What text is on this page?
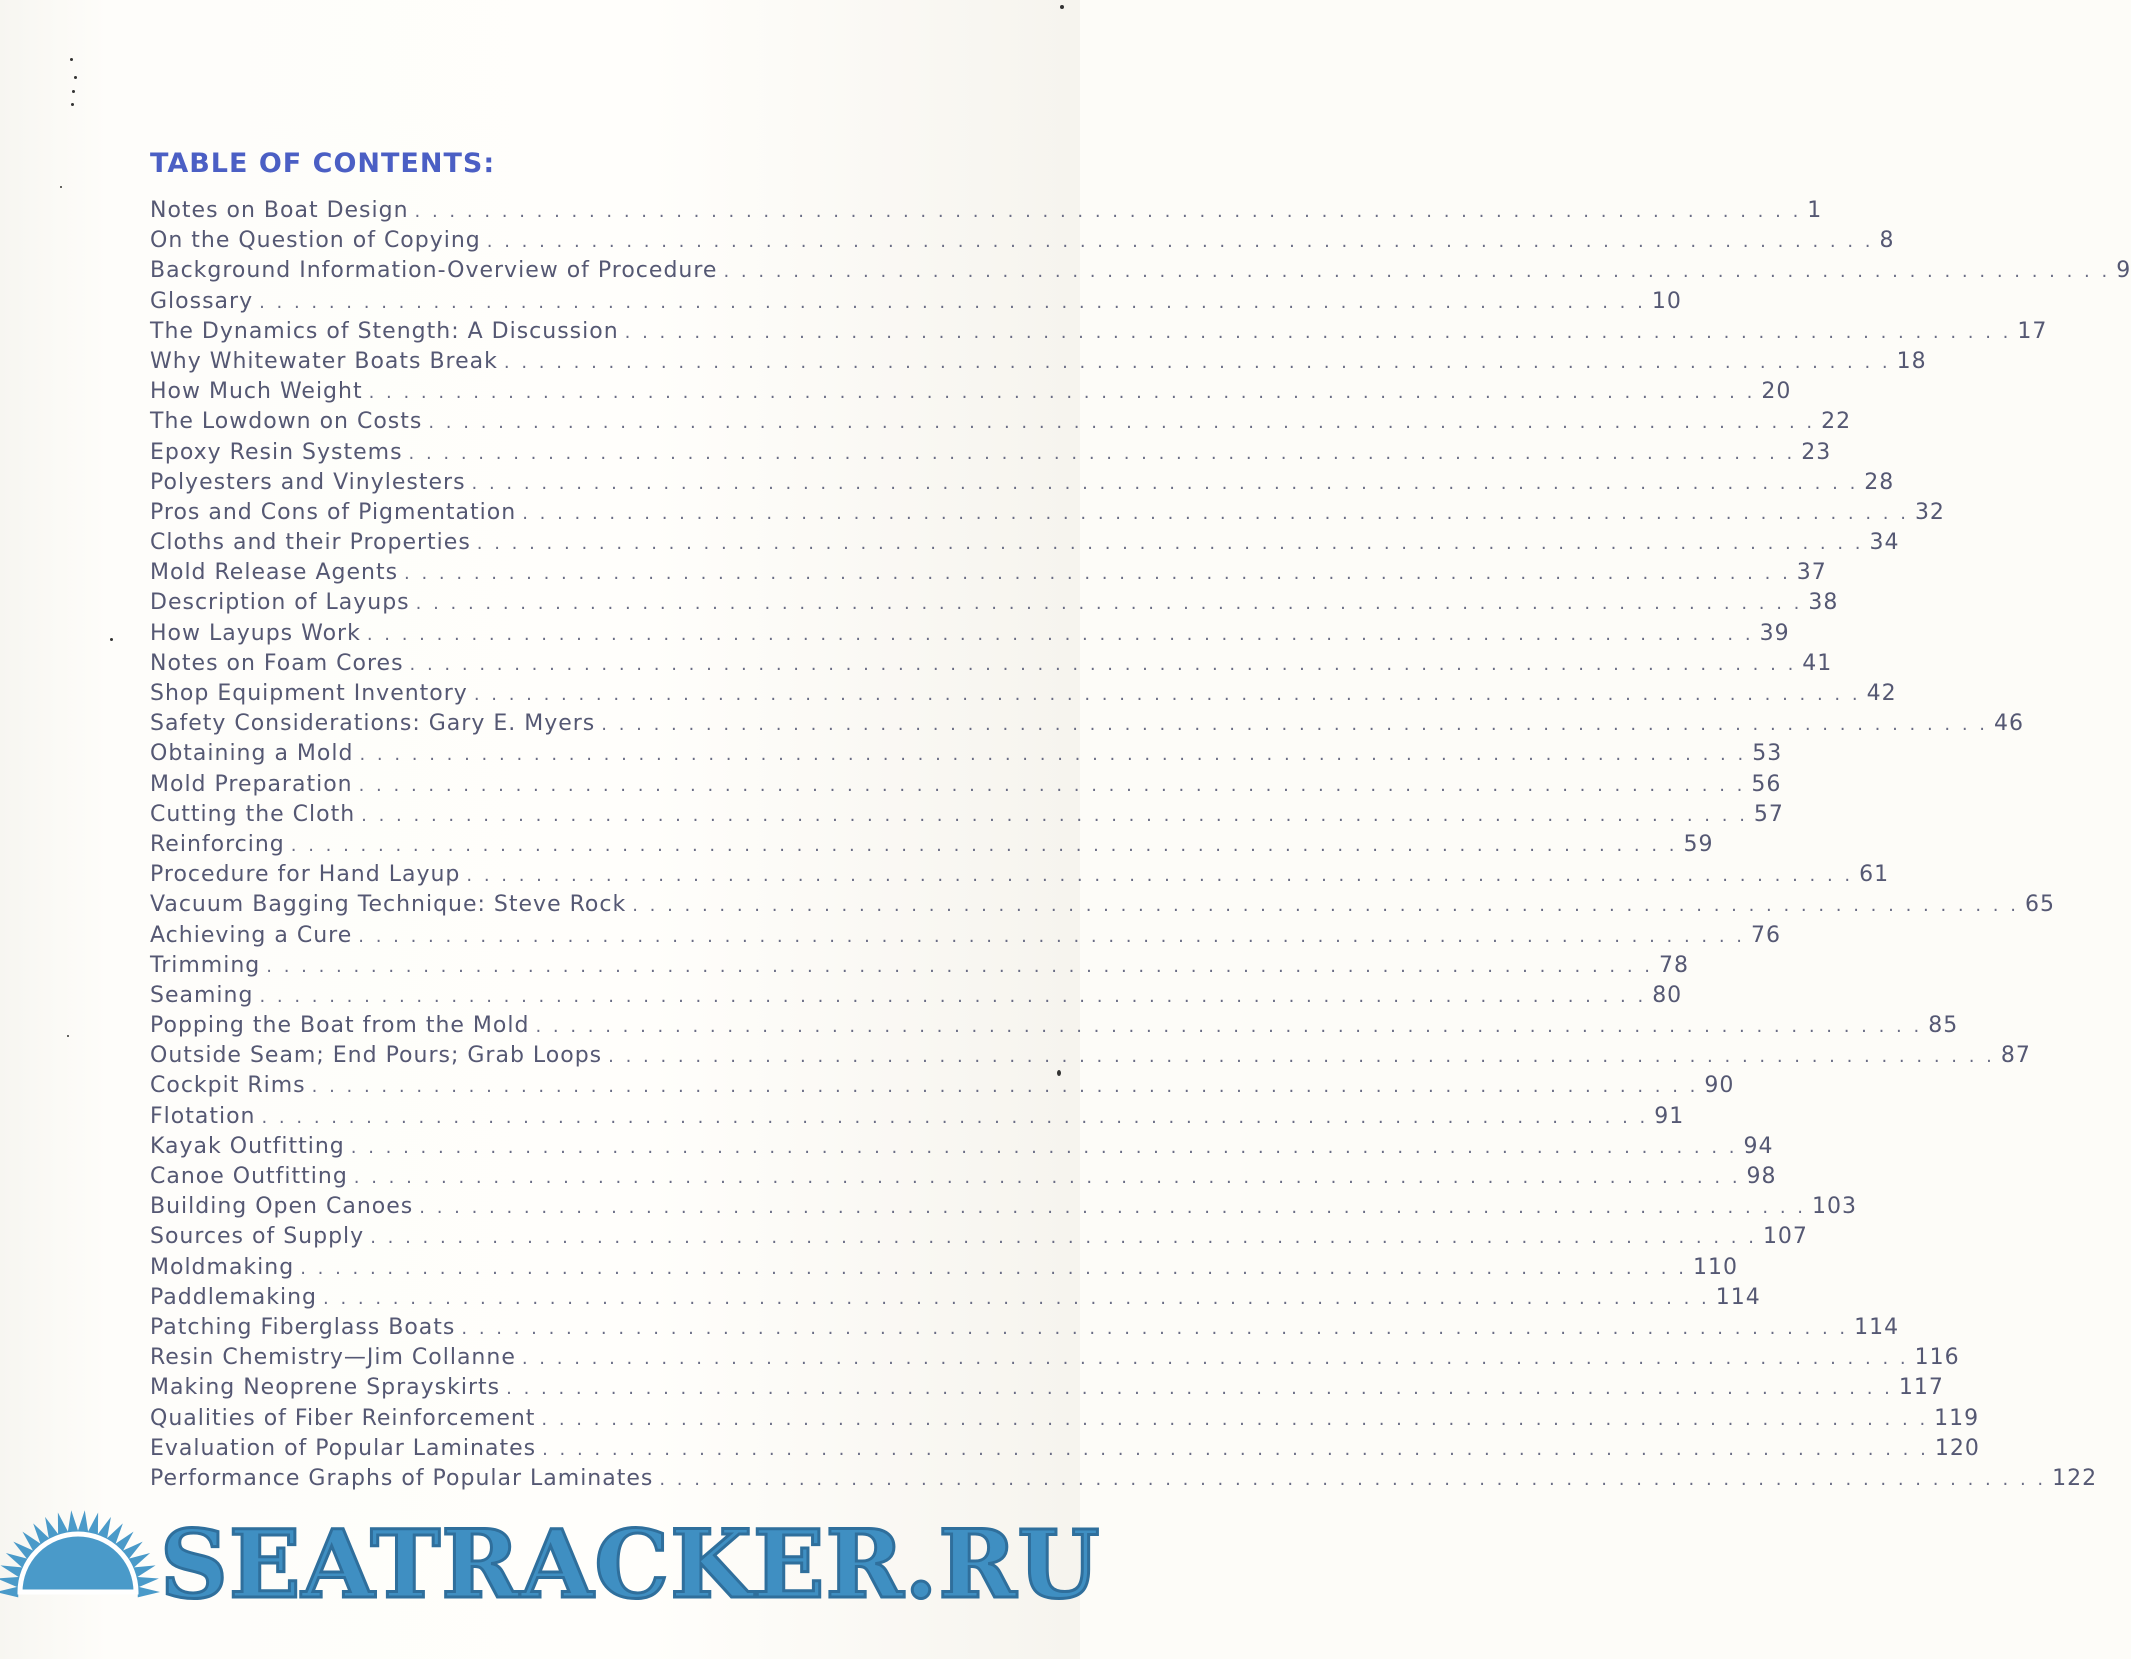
TABLE OF CONTENTS:
Notes on Boat Design . . . . . . . . . . . . . . . . . . . . . . . . . . . . . . . . . . . . . . . . . . . . . . . . . . . . . . . . . . . . . . . . . . . . . . . . . . . . . . . . 1
On the Question of Copying . . . . . . . . . . . . . . . . . . . . . . . . . . . . . . . . . . . . . . . . . . . . . . . . . . . . . . . . . . . . . . . . . . . . . . . . . . . . . . . . 8
Background Information-Overview of Procedure . . . . . . . . . . . . . . . . . . . . . . . . . . . . . . . . . . . . . . . . . . . . . . . . . . . . . . . . . . . . . . . . . . . . . . . . . . . . . . . . 9
Glossary . . . . . . . . . . . . . . . . . . . . . . . . . . . . . . . . . . . . . . . . . . . . . . . . . . . . . . . . . . . . . . . . . . . . . . . . . . . . . . . . 10
The Dynamics of Stength: A Discussion . . . . . . . . . . . . . . . . . . . . . . . . . . . . . . . . . . . . . . . . . . . . . . . . . . . . . . . . . . . . . . . . . . . . . . . . . . . . . . . . 17
Why Whitewater Boats Break . . . . . . . . . . . . . . . . . . . . . . . . . . . . . . . . . . . . . . . . . . . . . . . . . . . . . . . . . . . . . . . . . . . . . . . . . . . . . . . . 18
How Much Weight . . . . . . . . . . . . . . . . . . . . . . . . . . . . . . . . . . . . . . . . . . . . . . . . . . . . . . . . . . . . . . . . . . . . . . . . . . . . . . . . 20
The Lowdown on Costs . . . . . . . . . . . . . . . . . . . . . . . . . . . . . . . . . . . . . . . . . . . . . . . . . . . . . . . . . . . . . . . . . . . . . . . . . . . . . . . . 22
Epoxy Resin Systems . . . . . . . . . . . . . . . . . . . . . . . . . . . . . . . . . . . . . . . . . . . . . . . . . . . . . . . . . . . . . . . . . . . . . . . . . . . . . . . . 23
Polyesters and Vinylesters . . . . . . . . . . . . . . . . . . . . . . . . . . . . . . . . . . . . . . . . . . . . . . . . . . . . . . . . . . . . . . . . . . . . . . . . . . . . . . . . 28
Pros and Cons of Pigmentation . . . . . . . . . . . . . . . . . . . . . . . . . . . . . . . . . . . . . . . . . . . . . . . . . . . . . . . . . . . . . . . . . . . . . . . . . . . . . . . . 32
Cloths and their Properties . . . . . . . . . . . . . . . . . . . . . . . . . . . . . . . . . . . . . . . . . . . . . . . . . . . . . . . . . . . . . . . . . . . . . . . . . . . . . . . . 34
Mold Release Agents . . . . . . . . . . . . . . . . . . . . . . . . . . . . . . . . . . . . . . . . . . . . . . . . . . . . . . . . . . . . . . . . . . . . . . . . . . . . . . . . 37
Description of Layups . . . . . . . . . . . . . . . . . . . . . . . . . . . . . . . . . . . . . . . . . . . . . . . . . . . . . . . . . . . . . . . . . . . . . . . . . . . . . . . . 38
How Layups Work . . . . . . . . . . . . . . . . . . . . . . . . . . . . . . . . . . . . . . . . . . . . . . . . . . . . . . . . . . . . . . . . . . . . . . . . . . . . . . . . 39
Notes on Foam Cores . . . . . . . . . . . . . . . . . . . . . . . . . . . . . . . . . . . . . . . . . . . . . . . . . . . . . . . . . . . . . . . . . . . . . . . . . . . . . . . . 41
Shop Equipment Inventory . . . . . . . . . . . . . . . . . . . . . . . . . . . . . . . . . . . . . . . . . . . . . . . . . . . . . . . . . . . . . . . . . . . . . . . . . . . . . . . . 42
Safety Considerations: Gary E. Myers . . . . . . . . . . . . . . . . . . . . . . . . . . . . . . . . . . . . . . . . . . . . . . . . . . . . . . . . . . . . . . . . . . . . . . . . . . . . . . . . 46
Obtaining a Mold . . . . . . . . . . . . . . . . . . . . . . . . . . . . . . . . . . . . . . . . . . . . . . . . . . . . . . . . . . . . . . . . . . . . . . . . . . . . . . . . 53
Mold Preparation . . . . . . . . . . . . . . . . . . . . . . . . . . . . . . . . . . . . . . . . . . . . . . . . . . . . . . . . . . . . . . . . . . . . . . . . . . . . . . . . 56
Cutting the Cloth . . . . . . . . . . . . . . . . . . . . . . . . . . . . . . . . . . . . . . . . . . . . . . . . . . . . . . . . . . . . . . . . . . . . . . . . . . . . . . . . 57
Reinforcing . . . . . . . . . . . . . . . . . . . . . . . . . . . . . . . . . . . . . . . . . . . . . . . . . . . . . . . . . . . . . . . . . . . . . . . . . . . . . . . . 59
Procedure for Hand Layup . . . . . . . . . . . . . . . . . . . . . . . . . . . . . . . . . . . . . . . . . . . . . . . . . . . . . . . . . . . . . . . . . . . . . . . . . . . . . . . . 61
Vacuum Bagging Technique: Steve Rock . . . . . . . . . . . . . . . . . . . . . . . . . . . . . . . . . . . . . . . . . . . . . . . . . . . . . . . . . . . . . . . . . . . . . . . . . . . . . . . . 65
Achieving a Cure . . . . . . . . . . . . . . . . . . . . . . . . . . . . . . . . . . . . . . . . . . . . . . . . . . . . . . . . . . . . . . . . . . . . . . . . . . . . . . . . 76
Trimming . . . . . . . . . . . . . . . . . . . . . . . . . . . . . . . . . . . . . . . . . . . . . . . . . . . . . . . . . . . . . . . . . . . . . . . . . . . . . . . . 78
Seaming . . . . . . . . . . . . . . . . . . . . . . . . . . . . . . . . . . . . . . . . . . . . . . . . . . . . . . . . . . . . . . . . . . . . . . . . . . . . . . . . 80
Popping the Boat from the Mold . . . . . . . . . . . . . . . . . . . . . . . . . . . . . . . . . . . . . . . . . . . . . . . . . . . . . . . . . . . . . . . . . . . . . . . . . . . . . . . . 85
Outside Seam; End Pours; Grab Loops . . . . . . . . . . . . . . . . . . . . . . . . . . . . . . . . . . . . . . . . . . . . . . . . . . . . . . . . . . . . . . . . . . . . . . . . . . . . . . . . 87
Cockpit Rims . . . . . . . . . . . . . . . . . . . . . . . . . . . . . . . . . . . . . . . . . . . . . . . . . . . . . . . . . . . . . . . . . . . . . . . . . . . . . . . . 90
Flotation . . . . . . . . . . . . . . . . . . . . . . . . . . . . . . . . . . . . . . . . . . . . . . . . . . . . . . . . . . . . . . . . . . . . . . . . . . . . . . . . 91
Kayak Outfitting . . . . . . . . . . . . . . . . . . . . . . . . . . . . . . . . . . . . . . . . . . . . . . . . . . . . . . . . . . . . . . . . . . . . . . . . . . . . . . . . 94
Canoe Outfitting . . . . . . . . . . . . . . . . . . . . . . . . . . . . . . . . . . . . . . . . . . . . . . . . . . . . . . . . . . . . . . . . . . . . . . . . . . . . . . . . 98
Building Open Canoes . . . . . . . . . . . . . . . . . . . . . . . . . . . . . . . . . . . . . . . . . . . . . . . . . . . . . . . . . . . . . . . . . . . . . . . . . . . . . . . . 103
Sources of Supply . . . . . . . . . . . . . . . . . . . . . . . . . . . . . . . . . . . . . . . . . . . . . . . . . . . . . . . . . . . . . . . . . . . . . . . . . . . . . . . . 107
Moldmaking . . . . . . . . . . . . . . . . . . . . . . . . . . . . . . . . . . . . . . . . . . . . . . . . . . . . . . . . . . . . . . . . . . . . . . . . . . . . . . . . 110
Paddlemaking . . . . . . . . . . . . . . . . . . . . . . . . . . . . . . . . . . . . . . . . . . . . . . . . . . . . . . . . . . . . . . . . . . . . . . . . . . . . . . . . 114
Patching Fiberglass Boats . . . . . . . . . . . . . . . . . . . . . . . . . . . . . . . . . . . . . . . . . . . . . . . . . . . . . . . . . . . . . . . . . . . . . . . . . . . . . . . . 114
Resin Chemistry—Jim Collanne . . . . . . . . . . . . . . . . . . . . . . . . . . . . . . . . . . . . . . . . . . . . . . . . . . . . . . . . . . . . . . . . . . . . . . . . . . . . . . . . 116
Making Neoprene Sprayskirts . . . . . . . . . . . . . . . . . . . . . . . . . . . . . . . . . . . . . . . . . . . . . . . . . . . . . . . . . . . . . . . . . . . . . . . . . . . . . . . . 117
Qualities of Fiber Reinforcement . . . . . . . . . . . . . . . . . . . . . . . . . . . . . . . . . . . . . . . . . . . . . . . . . . . . . . . . . . . . . . . . . . . . . . . . . . . . . . . . 119
Evaluation of Popular Laminates . . . . . . . . . . . . . . . . . . . . . . . . . . . . . . . . . . . . . . . . . . . . . . . . . . . . . . . . . . . . . . . . . . . . . . . . . . . . . . . . 120
Performance Graphs of Popular Laminates . . . . . . . . . . . . . . . . . . . . . . . . . . . . . . . . . . . . . . . . . . . . . . . . . . . . . . . . . . . . . . . . . . . . . . . . . . . . . . . . 122
SEATRACKER.RU
